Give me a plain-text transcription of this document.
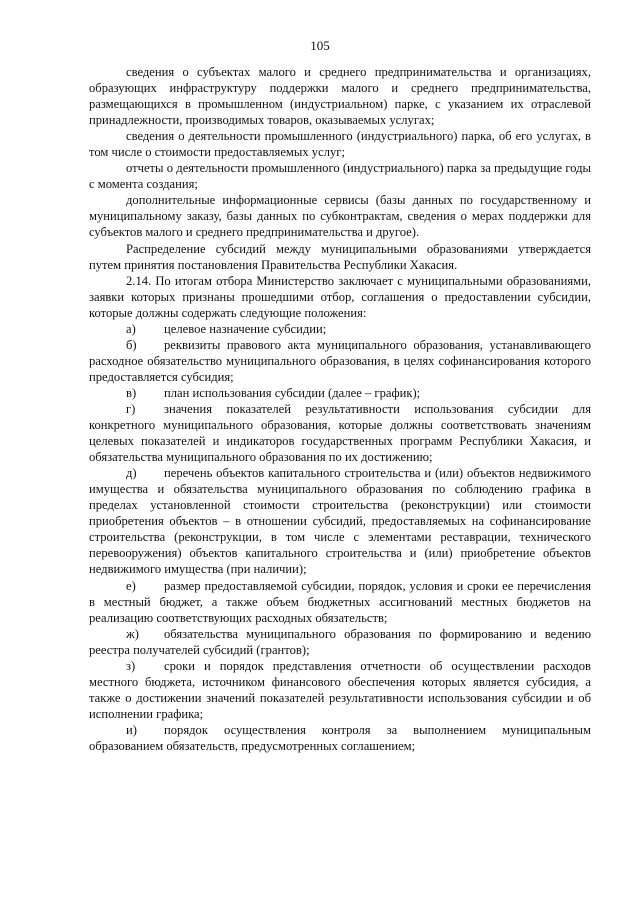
105

сведения о субъектах малого и среднего предпринимательства и организациях, образующих инфраструктуру поддержки малого и среднего предпринимательства, размещающихся в промышленном (индустриальном) парке, с указанием их отраслевой принадлежности, производимых товаров, оказываемых услугах;

сведения о деятельности промышленного (индустриального) парка, об его услугах, в том числе о стоимости предоставляемых услуг;

отчеты о деятельности промышленного (индустриального) парка за предыдущие годы с момента создания;

дополнительные информационные сервисы (базы данных по государственному и муниципальному заказу, базы данных по субконтрактам, сведения о мерах поддержки для субъектов малого и среднего предпринимательства и другое).

Распределение субсидий между муниципальными образованиями утверждается путем принятия постановления Правительства Республики Хакасия.

2.14. По итогам отбора Министерство заключает с муниципальными образованиями, заявки которых признаны прошедшими отбор, соглашения о предоставлении субсидии, которые должны содержать следующие положения:

а) целевое назначение субсидии;

б) реквизиты правового акта муниципального образования, устанавливающего расходное обязательство муниципального образования, в целях софинансирования которого предоставляется субсидия;

в) план использования субсидии (далее – график);

г) значения показателей результативности использования субсидии для конкретного муниципального образования, которые должны соответствовать значениям целевых показателей и индикаторов государственных программ Республики Хакасия, и обязательства муниципального образования по их достижению;

д) перечень объектов капитального строительства и (или) объектов недвижимого имущества и обязательства муниципального образования по соблюдению графика в пределах установленной стоимости строительства (реконструкции) или стоимости приобретения объектов – в отношении субсидий, предоставляемых на софинансирование строительства (реконструкции, в том числе с элементами реставрации, технического перевооружения) объектов капитального строительства и (или) приобретение объектов недвижимого имущества (при наличии);

е) размер предоставляемой субсидии, порядок, условия и сроки ее перечисления в местный бюджет, а также объем бюджетных ассигнований местных бюджетов на реализацию соответствующих расходных обязательств;

ж) обязательства муниципального образования по формированию и ведению реестра получателей субсидий (грантов);

з) сроки и порядок представления отчетности об осуществлении расходов местного бюджета, источником финансового обеспечения которых является субсидия, а также о достижении значений показателей результативности использования субсидии и об исполнении графика;

и) порядок осуществления контроля за выполнением муниципальным образованием обязательств, предусмотренных соглашением;
